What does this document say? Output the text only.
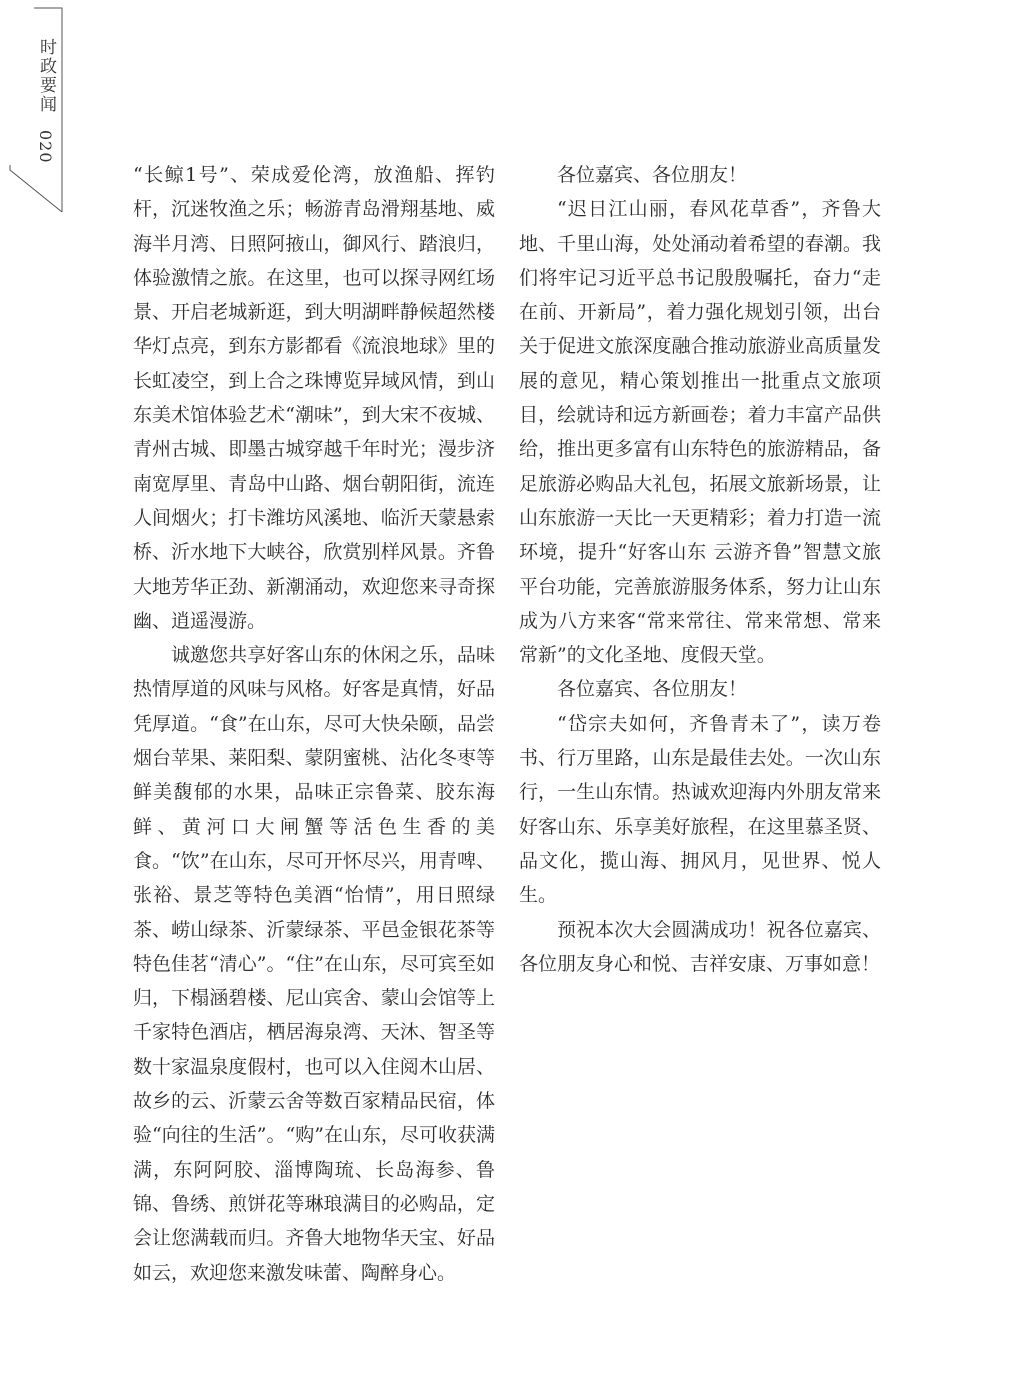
时政要闻
020

“长鲸1号”、荣成爱伦湾，放渔船、挥钓杆，沉迷牧渔之乐；畅游青岛滑翔基地、威海半月湾、日照阿掖山，御风行、踏浪归，体验激情之旅。在这里，也可以探寻网红场景、开启老城新逛，到大明湖畔静候超然楼华灯点亮，到东方影都看《流浪地球》里的长虹凌空，到上合之珠博览异域风情，到山东美术馆体验艺术“潮味”，到大宋不夜城、青州古城、即墨古城穿越千年时光；漫步济南宽厚里、青岛中山路、烟台朝阳街，流连人间烟火；打卡潍坊风溪地、临沂天蒙悬索桥、沂水地下大峡谷，欣赏别样风景。齐鲁大地芳华正劲、新潮涌动，欢迎您来寻奇探幽、逍遥漫游。

诚邀您共享好客山东的休闲之乐，品味热情厚道的风味与风格。好客是真情，好品凭厚道。“食”在山东，尽可大快朵颐，品尝烟台苹果、莱阳梨、蒙阴蜜桃、沾化冬枣等鲜美馥郁的水果，品味正宗鲁菜、胶东海鲜、黄河口大闸蟹等活色生香的美食。“饮”在山东，尽可开怀尽兴，用青啤、张裕、景芝等特色美酒“怡情”，用日照绿茶、崂山绿茶、沂蒙绿茶、平邑金银花茶等特色佳茗“清心”。“住”在山东，尽可宾至如归，下榻涵碧楼、尼山宾舍、蒙山会馆等上千家特色酒店，栖居海泉湾、天沐、智圣等数十家温泉度假村，也可以入住阅木山居、故乡的云、沂蒙云舍等数百家精品民宿，体验“向往的生活”。“购”在山东，尽可收获满满，东阿阿胶、淄博陶琉、长岛海参、鲁锦、鲁绣、煎饼花等琳琅满目的必购品，定会让您满载而归。齐鲁大地物华天宝、好品如云，欢迎您来激发味蕾、陶醉身心。

各位嘉宾、各位朋友！

“迟日江山丽，春风花草香”，齐鲁大地、千里山海，处处涌动着希望的春潮。我们将牢记习近平总书记殷殷嘱托，奋力“走在前、开新局”，着力强化规划引领，出台关于促进文旅深度融合推动旅游业高质量发展的意见，精心策划推出一批重点文旅项目，绘就诗和远方新画卷；着力丰富产品供给，推出更多富有山东特色的旅游精品，备足旅游必购品大礼包，拓展文旅新场景，让山东旅游一天比一天更精彩；着力打造一流环境，提升“好客山东 云游齐鲁”智慧文旅平台功能，完善旅游服务体系，努力让山东成为八方来客“常来常往、常来常想、常来常新”的文化圣地、度假天堂。

各位嘉宾、各位朋友！

“岱宗夫如何，齐鲁青未了”，读万卷书、行万里路，山东是最佳去处。一次山东行，一生山东情。热诚欢迎海内外朋友常来好客山东、乐享美好旅程，在这里慕圣贤、品文化，揽山海、拥风月，见世界、悦人生。

预祝本次大会圆满成功！祝各位嘉宾、各位朋友身心和悦、吉祥安康、万事如意！
